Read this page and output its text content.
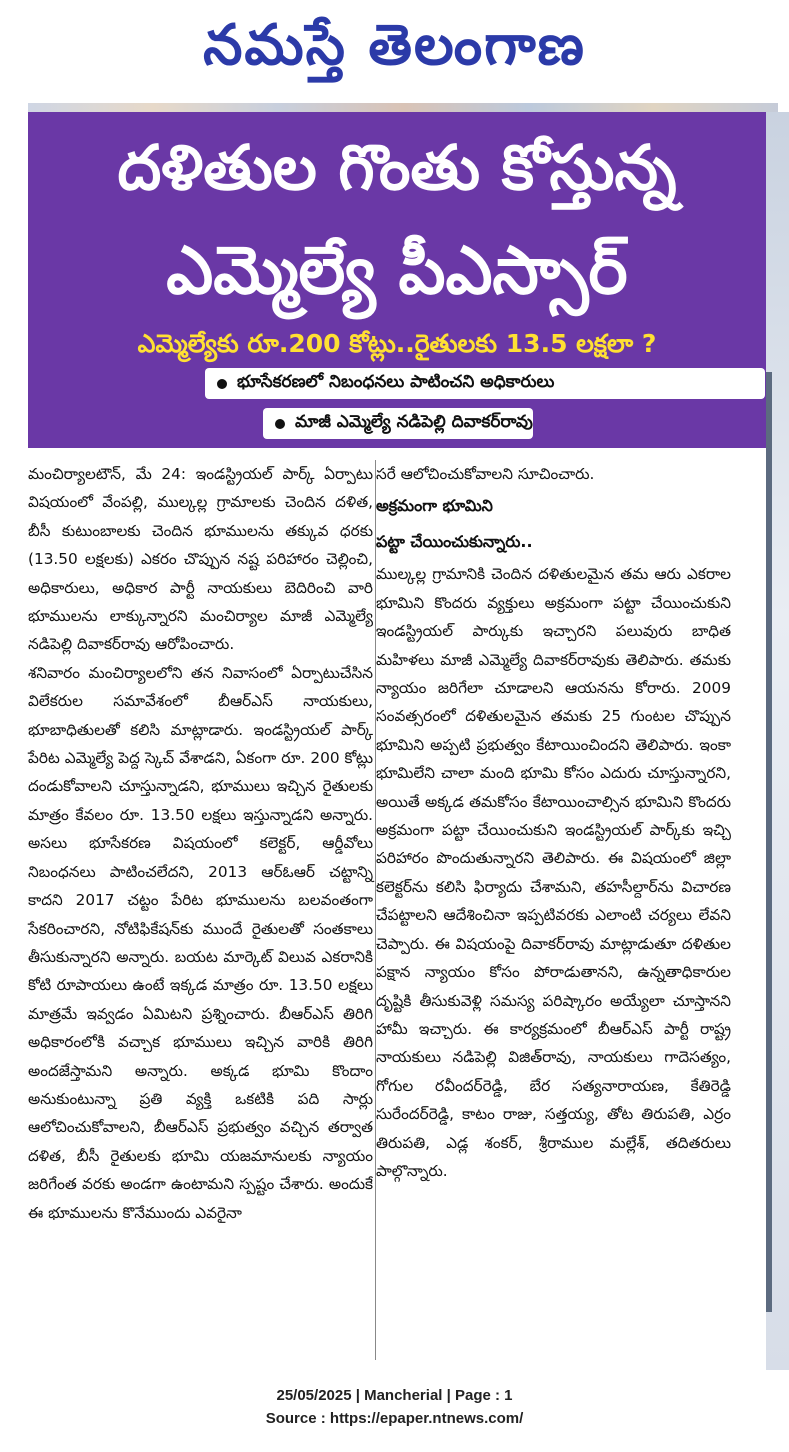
నమస్తే తెలంగాణ
దళితుల గొంతు కోస్తున్న
ఎమ్మెల్యే పీఎస్సార్
ఎమ్మెల్యేకు రూ.200 కోట్లు..రైతులకు 13.5 లక్షలా ?
భూసేకరణలో నిబంధనలు పాటించని అధికారులు
మాజీ ఎమ్మెల్యే నడిపెల్లి దివాకర్‌రావు

మంచిర్యాలటౌన్, మే 24: ఇండస్ట్రియల్ పార్క్ ఏర్పాటు విషయంలో వేంపల్లి, ముల్కల్ల గ్రామాలకు చెందిన దళిత, బీసీ కుటుంబాలకు చెందిన భూములను తక్కువ ధరకు (13.50 లక్షలకు) ఎకరం చొప్పున నష్ట పరిహారం చెల్లించి, అధికారులు, అధికార పార్టీ నాయకులు బెదిరించి వారి భూములను లాక్కున్నారని మంచిర్యాల మాజీ ఎమ్మెల్యే నడిపెల్లి దివాకర్‌రావు ఆరోపించారు.

శనివారం మంచిర్యాలలోని తన నివాసంలో ఏర్పాటుచేసిన విలేకరుల సమావేశంలో బీఆర్‌ఎస్ నాయకులు, భూబాధితులతో కలిసి మాట్లాడారు. ఇండస్ట్రియల్ పార్క్ పేరిట ఎమ్మెల్యే పెద్ద స్కెచ్ వేశాడని, ఏకంగా రూ. 200 కోట్లు దండుకోవాలని చూస్తున్నాడని, భూములు ఇచ్చిన రైతులకు మాత్రం కేవలం రూ. 13.50 లక్షలు ఇస్తున్నాడని అన్నారు. అసలు భూసేకరణ విషయంలో కలెక్టర్, ఆర్డీవోలు నిబంధనలు పాటించలేదని, 2013 ఆర్‌ఓఆర్ చట్టాన్ని కాదని 2017 చట్టం పేరిట భూములను బలవంతంగా సేకరించారని, నోటిఫికేషన్‌కు ముందే రైతులతో సంతకాలు తీసుకున్నారని అన్నారు. బయట మార్కెట్ విలువ ఎకరానికి కోటి రూపాయలు ఉంటే ఇక్కడ మాత్రం రూ. 13.50 లక్షలు మాత్రమే ఇవ్వడం ఏమిటని ప్రశ్నించారు. బీఆర్‌ఎస్ తిరిగి అధికారంలోకి వచ్చాక భూములు ఇచ్చిన వారికి తిరిగి అందజేస్తామని అన్నారు. అక్కడ భూమి కొందాం అనుకుంటున్నా ప్రతి వ్యక్తి ఒకటికి పది సార్లు ఆలోచించుకోవాలని, బీఆర్‌ఎస్ ప్రభుత్వం వచ్చిన తర్వాత దళిత, బీసీ రైతులకు భూమి యజమానులకు న్యాయం జరిగేంత వరకు అండగా ఉంటామని స్పష్టం చేశారు. అందుకే ఈ భూములను కొనేముందు ఎవరైనా

సరే ఆలోచించుకోవాలని సూచించారు.

అక్రమంగా భూమిని

పట్టా చేయించుకున్నారు..

ముల్కల్ల గ్రామానికి చెందిన దళితులమైన తమ ఆరు ఎకరాల భూమిని కొందరు వ్యక్తులు అక్రమంగా పట్టా చేయించుకుని ఇండస్ట్రియల్ పార్కుకు ఇచ్చారని పలువురు బాధిత మహిళలు మాజీ ఎమ్మెల్యే దివాకర్‌రావుకు తెలిపారు. తమకు న్యాయం జరిగేలా చూడాలని ఆయనను కోరారు. 2009 సంవత్సరంలో దళితులమైన తమకు 25 గుంటల చొప్పున భూమిని అప్పటి ప్రభుత్వం కేటాయించిందని తెలిపారు. ఇంకా భూమిలేని చాలా మంది భూమి కోసం ఎదురు చూస్తున్నారని, అయితే అక్కడ తమకోసం కేటాయించాల్సిన భూమిని కొందరు అక్రమంగా పట్టా చేయించుకుని ఇండస్ట్రియల్ పార్క్‌కు ఇచ్చి పరిహారం పొందుతున్నారని తెలిపారు. ఈ విషయంలో జిల్లా కలెక్టర్‌ను కలిసి ఫిర్యాదు చేశామని, తహసీల్దార్‌ను విచారణ చేపట్టాలని ఆదేశించినా ఇప్పటివరకు ఎలాంటి చర్యలు లేవని చెప్పారు. ఈ విషయంపై దివాకర్‌రావు మాట్లాడుతూ దళితుల పక్షాన న్యాయం కోసం పోరాడుతానని, ఉన్నతాధికారుల దృష్టికి తీసుకువెళ్లి సమస్య పరిష్కారం అయ్యేలా చూస్తానని హామీ ఇచ్చారు. ఈ కార్యక్రమంలో బీఆర్‌ఎస్ పార్టీ రాష్ట్ర నాయకులు నడిపెల్లి విజిత్‌రావు, నాయకులు గాదెసత్యం, గోగుల రవీందర్‌రెడ్డి, బేర సత్యనారాయణ, కేతిరెడ్డి సురేందర్‌రెడ్డి, కాటం రాజు, సత్తయ్య, తోట తిరుపతి, ఎర్రం తిరుపతి, ఎడ్ల శంకర్, శ్రీరాముల మల్లేశ్, తదితరులు పాల్గొన్నారు.

25/05/2025 | Mancherial | Page : 1
Source : https://epaper.ntnews.com/
